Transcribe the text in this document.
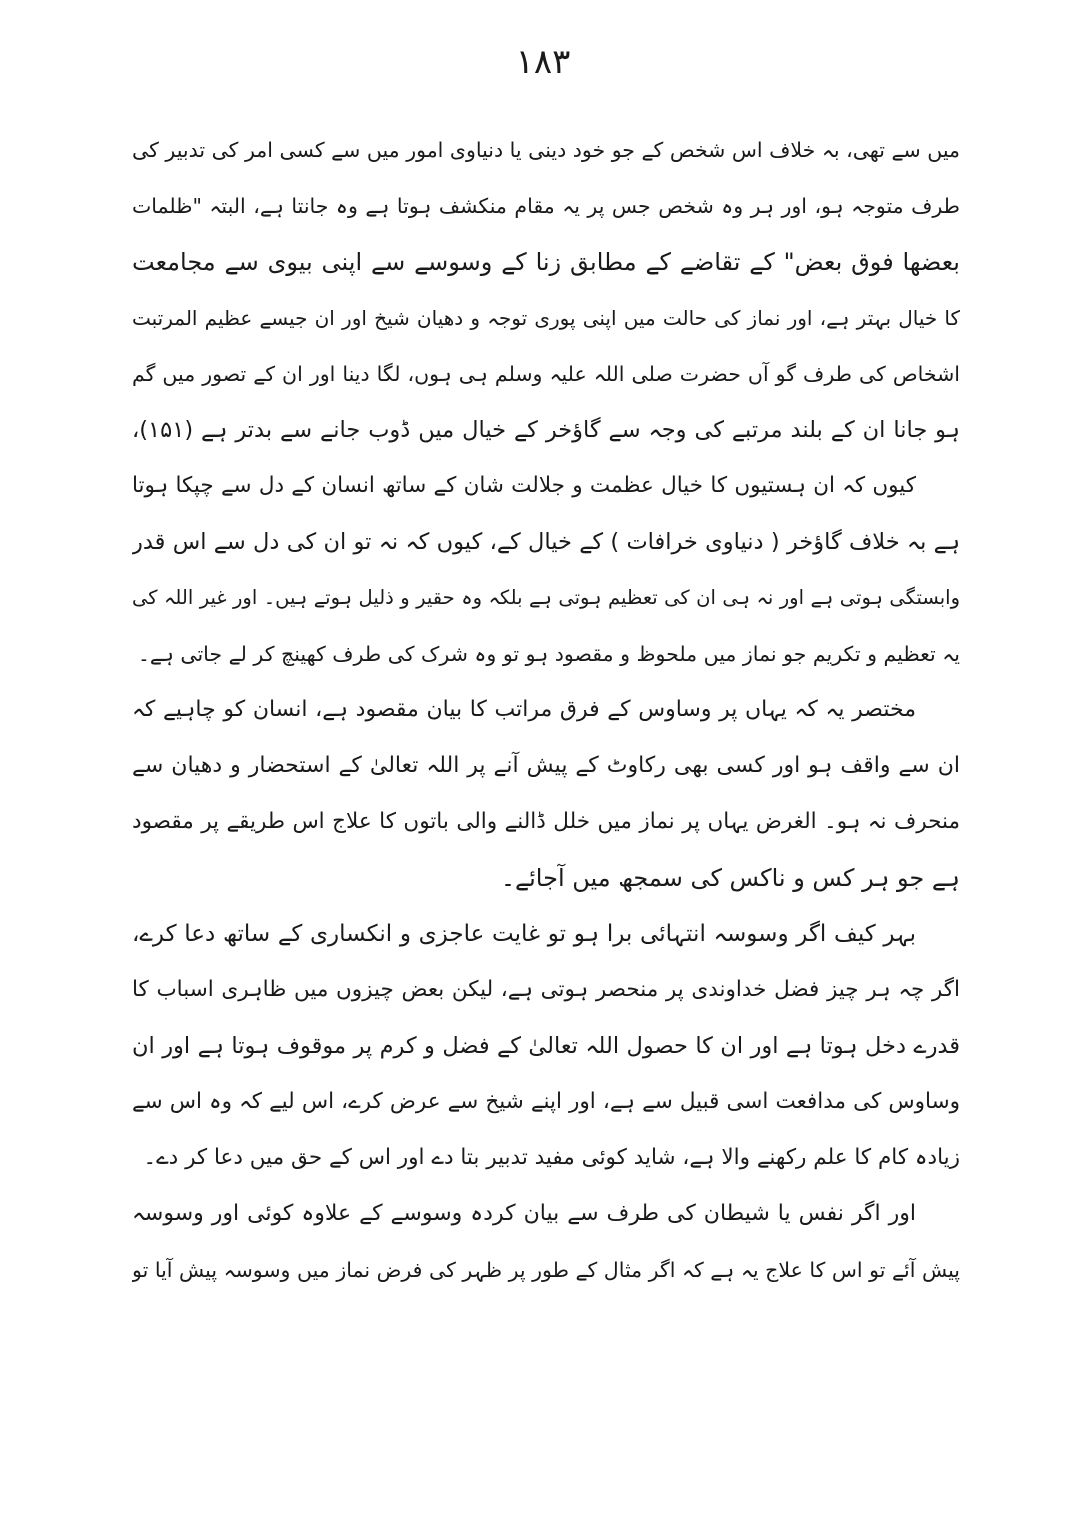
۱۸۳
میں سے تھی، بہ خلاف اس شخص کے جو خود دینی یا دنیاوی امور میں سے کسی امر کی تدبیر کی
طرف متوجہ ہو، اور ہر وہ شخص جس پر یہ مقام منکشف ہوتا ہے وہ جانتا ہے، البتہ "ظلمات
بعضها فوق بعض" کے تقاضے کے مطابق زنا کے وسوسے سے اپنی بیوی سے مجامعت
کا خیال بہتر ہے، اور نماز کی حالت میں اپنی پوری توجہ و دھیان شیخ اور ان جیسے عظیم المرتبت
اشخاص کی طرف گو آں حضرت صلی اللہ علیہ وسلم ہی ہوں، لگا دینا اور ان کے تصور میں گم
ہو جانا ان کے بلند مرتبے کی وجہ سے گاؤخر کے خیال میں ڈوب جانے سے بدتر ہے (۱۵۱)،
کیوں کہ ان ہستیوں کا خیال عظمت و جلالت شان کے ساتھ انسان کے دل سے چپکا ہوتا
ہے بہ خلاف گاؤخر ( دنیاوی خرافات ) کے خیال کے، کیوں کہ نہ تو ان کی دل سے اس قدر
وابستگی ہوتی ہے اور نہ ہی ان کی تعظیم ہوتی ہے بلکہ وہ حقیر و ذلیل ہوتے ہیں۔ اور غیر اللہ کی
یہ تعظیم و تکریم جو نماز میں ملحوظ و مقصود ہو تو وہ شرک کی طرف کھینچ کر لے جاتی ہے۔
مختصر یہ کہ یہاں پر وساوس کے فرق مراتب کا بیان مقصود ہے، انسان کو چاہیے کہ
ان سے واقف ہو اور کسی بھی رکاوٹ کے پیش آنے پر اللہ تعالیٰ کے استحضار و دھیان سے
منحرف نہ ہو۔ الغرض یہاں پر نماز میں خلل ڈالنے والی باتوں کا علاج اس طریقے پر مقصود
ہے جو ہر کس و ناکس کی سمجھ میں آجائے۔
بہر کیف اگر وسوسہ انتہائی برا ہو تو غایت عاجزی و انکساری کے ساتھ دعا کرے،
اگر چہ ہر چیز فضل خداوندی پر منحصر ہوتی ہے، لیکن بعض چیزوں میں ظاہری اسباب کا
قدرے دخل ہوتا ہے اور ان کا حصول اللہ تعالیٰ کے فضل و کرم پر موقوف ہوتا ہے اور ان
وساوس کی مدافعت اسی قبیل سے ہے، اور اپنے شیخ سے عرض کرے، اس لیے کہ وہ اس سے
زیادہ کام کا علم رکھنے والا ہے، شاید کوئی مفید تدبیر بتا دے اور اس کے حق میں دعا کر دے۔
اور اگر نفس یا شیطان کی طرف سے بیان کردہ وسوسے کے علاوہ کوئی اور وسوسہ
پیش آئے تو اس کا علاج یہ ہے کہ اگر مثال کے طور پر ظہر کی فرض نماز میں وسوسہ پیش آیا تو
